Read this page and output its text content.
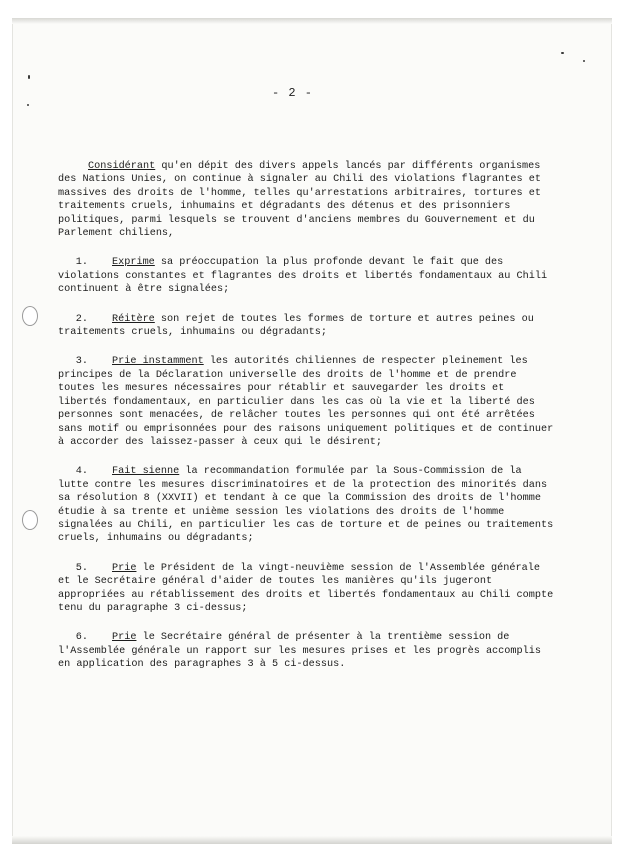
- 2 -

Considérant qu'en dépit des divers appels lancés par différents organismes des Nations Unies, on continue à signaler au Chili des violations flagrantes et massives des droits de l'homme, telles qu'arrestations arbitraires, tortures et traitements cruels, inhumains et dégradants des détenus et des prisonniers politiques, parmi lesquels se trouvent d'anciens membres du Gouvernement et du Parlement chiliens,

1. Exprime sa préoccupation la plus profonde devant le fait que des violations constantes et flagrantes des droits et libertés fondamentaux au Chili continuent à être signalées;

2. Réitère son rejet de toutes les formes de torture et autres peines ou traitements cruels, inhumains ou dégradants;

3. Prie instamment les autorités chiliennes de respecter pleinement les principes de la Déclaration universelle des droits de l'homme et de prendre toutes les mesures nécessaires pour rétablir et sauvegarder les droits et libertés fondamentaux, en particulier dans les cas où la vie et la liberté des personnes sont menacées, de relâcher toutes les personnes qui ont été arrêtées sans motif ou emprisonnées pour des raisons uniquement politiques et de continuer à accorder des laissez-passer à ceux qui le désirent;

4. Fait sienne la recommandation formulée par la Sous-Commission de la lutte contre les mesures discriminatoires et de la protection des minorités dans sa résolution 8 (XXVII) et tendant à ce que la Commission des droits de l'homme étudie à sa trente et unième session les violations des droits de l'homme signalées au Chili, en particulier les cas de torture et de peines ou traitements cruels, inhumains ou dégradants;

5. Prie le Président de la vingt-neuvième session de l'Assemblée générale et le Secrétaire général d'aider de toutes les manières qu'ils jugeront appropriées au rétablissement des droits et libertés fondamentaux au Chili compte tenu du paragraphe 3 ci-dessus;

6. Prie le Secrétaire général de présenter à la trentième session de l'Assemblée générale un rapport sur les mesures prises et les progrès accomplis en application des paragraphes 3 à 5 ci-dessus.
